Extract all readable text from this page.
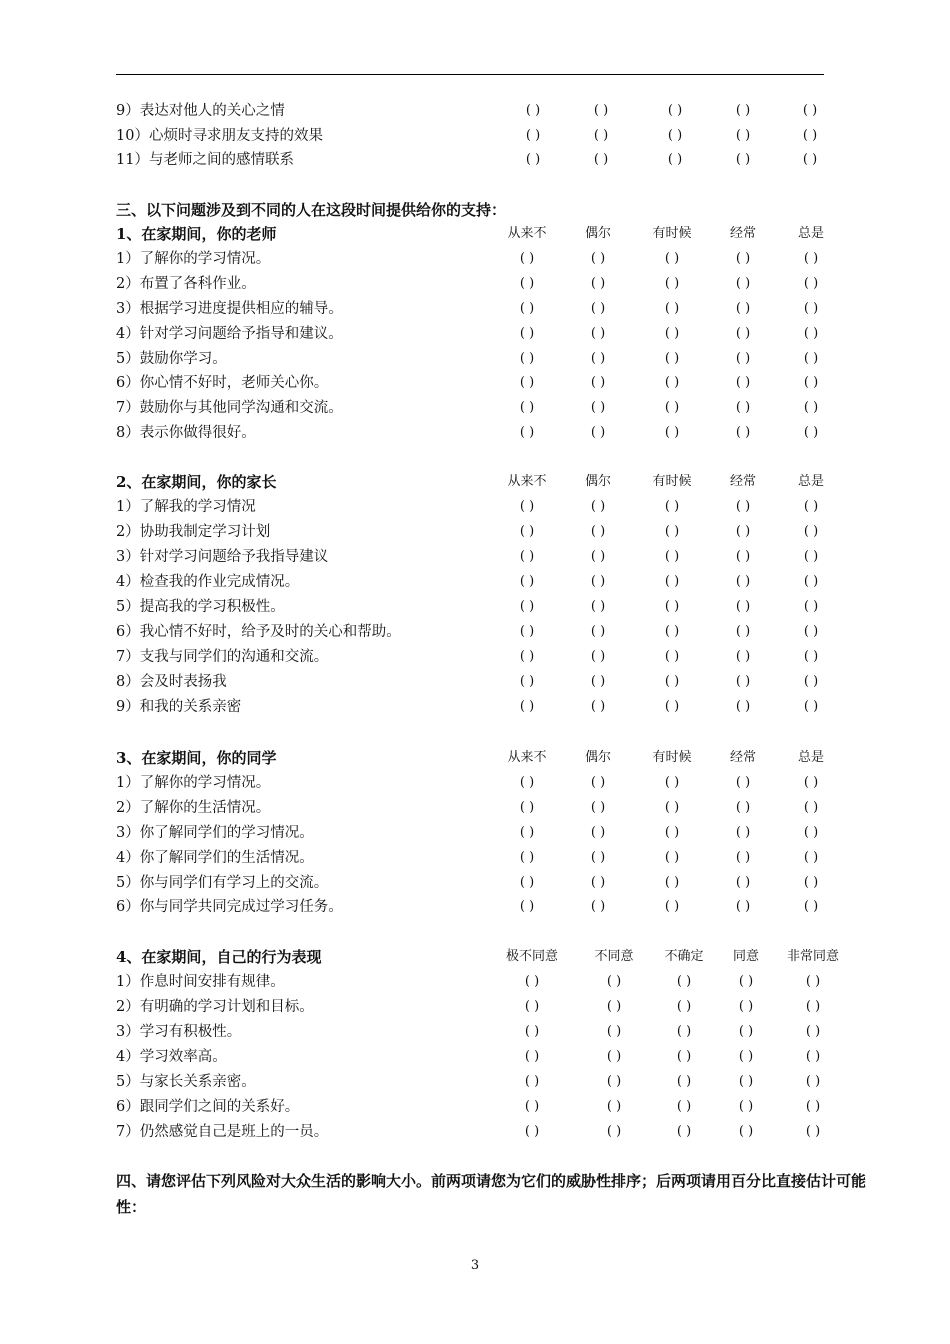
9）表达对他人的关心之情	( )	( )	( )	( )	( )
10）心烦时寻求朋友支持的效果	( )	( )	( )	( )	( )
11）与老师之间的感情联系	( )	( )	( )	( )	( )
三、以下问题涉及到不同的人在这段时间提供给你的支持：
1、在家期间，你的老师	从来不	偶尔	有时候	经常	总是
1）了解你的学习情况。	( )	( )	( )	( )	( )
2）布置了各科作业。	( )	( )	( )	( )	( )
3）根据学习进度提供相应的辅导。	( )	( )	( )	( )	( )
4）针对学习问题给予指导和建议。	( )	( )	( )	( )	( )
5）鼓励你学习。	( )	( )	( )	( )	( )
6）你心情不好时，老师关心你。	( )	( )	( )	( )	( )
7）鼓励你与其他同学沟通和交流。	( )	( )	( )	( )	( )
8）表示你做得很好。	( )	( )	( )	( )	( )
2、在家期间，你的家长	从来不	偶尔	有时候	经常	总是
1）了解我的学习情况	( )	( )	( )	( )	( )
2）协助我制定学习计划	( )	( )	( )	( )	( )
3）针对学习问题给予我指导建议	( )	( )	( )	( )	( )
4）检查我的作业完成情况。	( )	( )	( )	( )	( )
5）提高我的学习积极性。	( )	( )	( )	( )	( )
6）我心情不好时，给予及时的关心和帮助。	( )	( )	( )	( )	( )
7）支我与同学们的沟通和交流。	( )	( )	( )	( )	( )
8）会及时表扬我	( )	( )	( )	( )	( )
9）和我的关系亲密	( )	( )	( )	( )	( )
3、在家期间，你的同学	从来不	偶尔	有时候	经常	总是
1）了解你的学习情况。	( )	( )	( )	( )	( )
2）了解你的生活情况。	( )	( )	( )	( )	( )
3）你了解同学们的学习情况。	( )	( )	( )	( )	( )
4）你了解同学们的生活情况。	( )	( )	( )	( )	( )
5）你与同学们有学习上的交流。	( )	( )	( )	( )	( )
6）你与同学共同完成过学习任务。	( )	( )	( )	( )	( )
4、在家期间，自己的行为表现	极不同意	不同意	不确定	同意	非常同意
1）作息时间安排有规律。	( )	( )	( )	( )	( )
2）有明确的学习计划和目标。	( )	( )	( )	( )	( )
3）学习有积极性。	( )	( )	( )	( )	( )
4）学习效率高。	( )	( )	( )	( )	( )
5）与家长关系亲密。	( )	( )	( )	( )	( )
6）跟同学们之间的关系好。	( )	( )	( )	( )	( )
7）仍然感觉自己是班上的一员。	( )	( )	( )	( )	( )
四、请您评估下列风险对大众生活的影响大小。前两项请您为它们的威胁性排序；后两项请用百分比直接估计可能性：
3
